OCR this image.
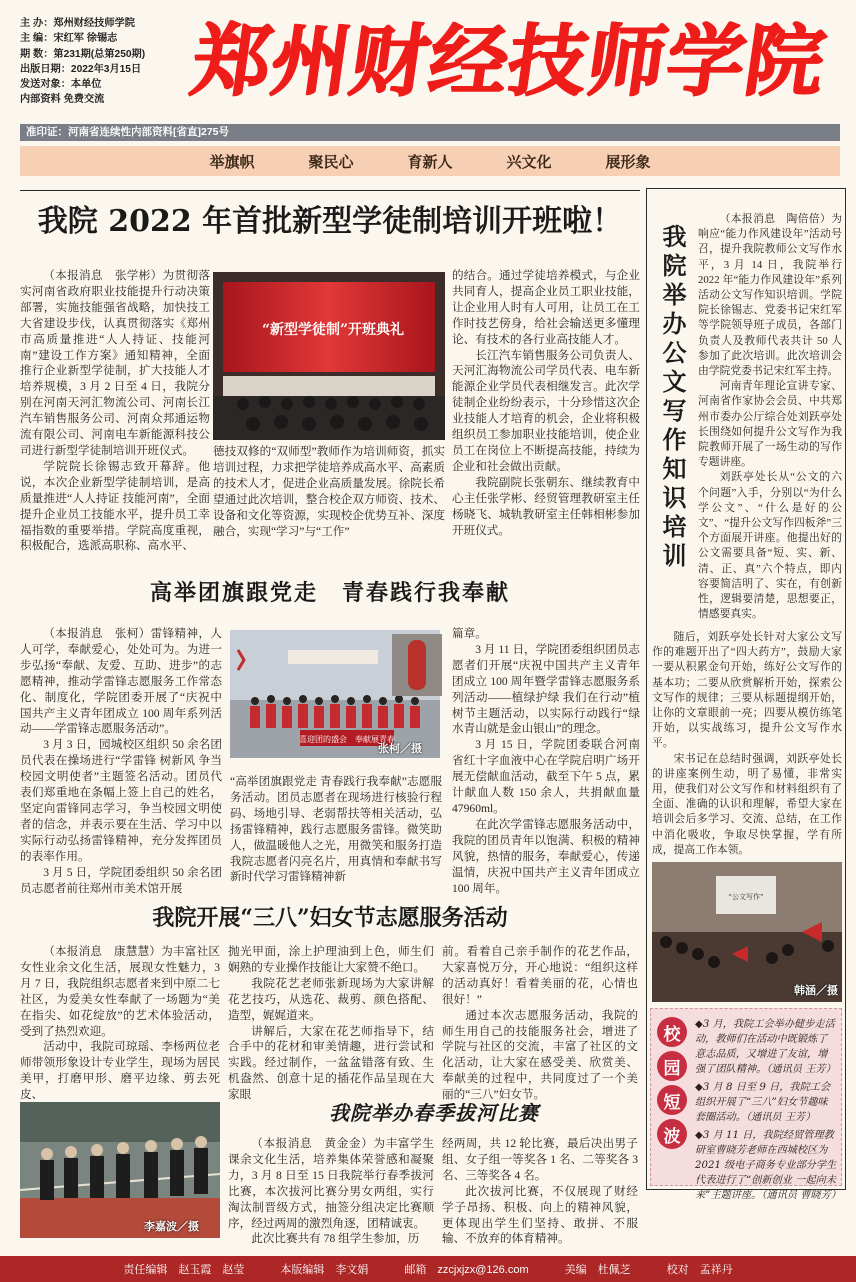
主 办：郑州财经技师学院
主 编：宋红军 徐锡志
期 数：第231期(总第250期)
出版日期：2022年3月15日
发送对象：本单位
内部资料 免费交流	郑州财经技师学院
准印证：河南省连续性内部资料[省直]275号
举旗帜	聚民心	育新人	兴文化	展形象
我院 2022 年首批新型学徒制培训开班啦！

（本报消息　张学彬）为贯彻落实河南省政府职业技能提升行动决策部署，实施技能强省战略，加快技工大省建设步伐，认真贯彻落实《郑州市高质量推进“人人持证、技能河南”建设工作方案》通知精神，全面推行企业新型学徒制，扩大技能人才培养规模，3 月 2 日至 4 日，我院分别在河南天河汇物流公司、河南长江汽车销售服务公司、河南众邦通运物流有限公司、河南电车新能源科技公司进行新型学徒制培训开班仪式。

学院院长徐锡志致开幕辞。他说，本次企业新型学徒制培训，是高质量推进“人人持证 技能河南”，全面提升企业员工技能水平，提升员工幸福指数的重要举措。学院高度重视，积极配合，选派高职称、高水平、

“新型学徒制”开班典礼

德技双修的“双师型”教师作为培训师资，抓实培训过程，力求把学徒培养成高水平、高素质的技术人才，促进企业高质量发展。徐院长希望通过此次培训，整合校企双方师资、技术、设备和文化等资源，实现校企优势互补、深度融合，实现“学习”与“工作”

的结合。通过学徒培养模式，与企业共同育人，提高企业员工职业技能，让企业用人时有人可用，让员工在工作时技艺傍身，给社会输送更多懂理论、有技术的各行业高技能人才。

长江汽车销售服务公司负责人、天河汇海物流公司学员代表、电车新能源企业学员代表相继发言。此次学徒制企业纷纷表示，十分珍惜这次企业技能人才培育的机会，企业将积极组织员工参加职业技能培训，使企业员工在岗位上不断提高技能，持续为企业和社会做出贡献。

我院副院长张朝东、继续教育中心主任张学彬、经贸管理教研室主任杨晓飞、城轨教研室主任韩相彬参加开班仪式。

高举团旗跟党走　青春践行我奉献

（本报消息　张柯）雷锋精神，人人可学，奉献爱心，处处可为。为进一步弘扬“奉献、友爱、互助、进步”的志愿精神，推动学雷锋志愿服务工作常态化、制度化，学院团委开展了“庆祝中国共产主义青年团成立 100 周年系列活动——学雷锋志愿服务活动”。

3 月 3 日，园城校区组织 50 余名团员代表在操场进行“学雷锋 树新风 争当校园文明使者”主题签名活动。团员代表们郑重地在条幅上签上自己的姓名，坚定向雷锋同志学习，争当校园文明使者的信念，并表示要在生活、学习中以实际行动弘扬雷锋精神，充分发挥团员的表率作用。

3 月 5 日，学院团委组织 50 余名团员志愿者前往郑州市美术馆开展

喜迎团的盛会　奉献展青春
张柯／摄

“高举团旗跟党走 青春践行我奉献”志愿服务活动。团员志愿者在现场进行核验行程码、场地引导、老弱帮扶等相关活动，弘扬雷锋精神，践行志愿服务雷锋。微笑助人，做温暖他人之光，用微笑和服务打造我院志愿者闪亮名片，用真情和奉献书写新时代学习雷锋精神新

篇章。

3 月 11 日，学院团委组织团员志愿者们开展“庆祝中国共产主义青年团成立 100 周年暨学雷锋志愿服务系列活动——植绿护绿 我们在行动”植树节主题活动，以实际行动践行“绿水青山就是金山银山”的理念。

3 月 15 日，学院团委联合河南省红十字血液中心在学院启明广场开展无偿献血活动，截至下午 5 点，累计献血人数 150 余人，共捐献血量 47960ml。

在此次学雷锋志愿服务活动中，我院的团员青年以饱满、积极的精神风貌，热情的服务，奉献爱心，传递温情，庆祝中国共产主义青年团成立 100 周年。

我院开展“三八”妇女节志愿服务活动

（本报消息　康慧慧）为丰富社区女性业余文化生活，展现女性魅力，3 月 7 日，我院组织志愿者来到中原二七社区，为爱美女性奉献了一场题为“美在指尖、如花绽放”的艺术体验活动，受到了热烈欢迎。

活动中，我院司琼瑶、李杨两位老师带领形象设计专业学生，现场为居民美甲，打磨甲形、磨平边缘、剪去死皮、

抛光甲面，涂上护理油到上色，师生们娴熟的专业操作技能让大家赞不绝口。

我院花艺老师张新现场为大家讲解花艺技巧，从选花、裁剪、颜色搭配、造型，娓娓道来。

讲解后，大家在花艺师指导下，结合手中的花材和审美情趣，进行尝试和实践。经过制作，一盆盆错落有致、生机盎然、创意十足的插花作品呈现在大家眼

前。看着自己亲手制作的花艺作品，大家喜悦万分，开心地说：“组织这样的活动真好！看着美丽的花，心情也很好！”

通过本次志愿服务活动，我院的师生用自己的技能服务社会，增进了学院与社区的交流，丰富了社区的文化活动，让大家在感受美、欣赏美、奉献美的过程中，共同度过了一个美丽的“三八”妇女节。

李嘉波／摄
我院举办春季拔河比赛

（本报消息　黄金金）为丰富学生课余文化生活，培养集体荣誉感和凝聚力，3 月 8 日至 15 日我院举行春季拔河比赛，本次拔河比赛分男女两组，实行淘汰制晋级方式，抽签分组决定比赛顺序，经过两周的激烈角逐，团精诚衷。

此次比赛共有 78 组学生参加，历

经两周，共 12 轮比赛，最后决出男子组、女子组一等奖各 1 名、二等奖各 3 名、三等奖各 4 名。

此次拔河比赛，不仅展现了财经学子昂扬、积极、向上的精神风貌，更体现出学生们坚持、敢拼、不服输、不放弃的体育精神。

我院举办公文写作知识培训

（本报消息　陶倍倍）为响应“能力作风建设年”活动号召，提升我院教师公文写作水平，3 月 14 日，我院举行 2022 年“能力作风建设年”系列活动公文写作知识培训。学院院长徐锡志、党委书记宋红军等学院领导班子成员，各部门负责人及教师代表共计 50 人参加了此次培训。此次培训会由学院党委书记宋红军主持。

河南青年理论宣讲专家、河南省作家协会会员、中共郑州市委办公厅综合处刘跃亭处长围绕如何提升公文写作为我院教师开展了一场生动的写作专题讲座。

刘跃亭处长从“公文的六个问题”入手，分别以“为什么学公文”、“什么是好的公文”、“提升公文写作四板斧”三个方面展开讲座。他提出好的公文需要具备“短、实、新、清、正、真”六个特点，即内容要简洁明了、实在，有创新性，逻辑要清楚，思想要正，情感要真实。

随后，刘跃亭处长针对大家公文写作的难题开出了“四大药方”，鼓励大家一要从积累金句开始，练好公文写作的基本功；二要从欣赏解析开始，探索公文写作的规律；三要从标题提纲开始，让你的文章眼前一亮；四要从模仿练笔开始，以实战练习，提升公文写作水平。

宋书记在总结时强调，刘跃亭处长的讲座案例生动，明了易懂，非常实用，使我们对公文写作和材料组织有了全面、准确的认识和理解，希望大家在培训会后多学习、交流、总结，在工作中消化吸收，争取尽快掌握，学有所成，提高工作本领。

“公文写作”
韩涵／摄
校
园
短
波

◆3 月，我院工会举办健步走活动，教师们在活动中既锻炼了意志品质，又增进了友谊，增强了团队精神。（通讯员 王芳）

◆3 月 8 日至 9 日，我院工会组织开展了“三八”妇女节趣味套圈活动。（通讯员 王芳）

◆3 月 11 日，我院经贸管理教研室曹晓芳老师在西城校区为 2021 级电子商务专业部分学生代表进行了“创新创业 一起向未来”主题讲座。（通讯员 曹晓芳）

责任编辑　赵玉霞　赵莹	本版编辑　李文娟	邮箱　zzcjxjzx@126.com	美编　杜佩芝	校对　孟祥丹
